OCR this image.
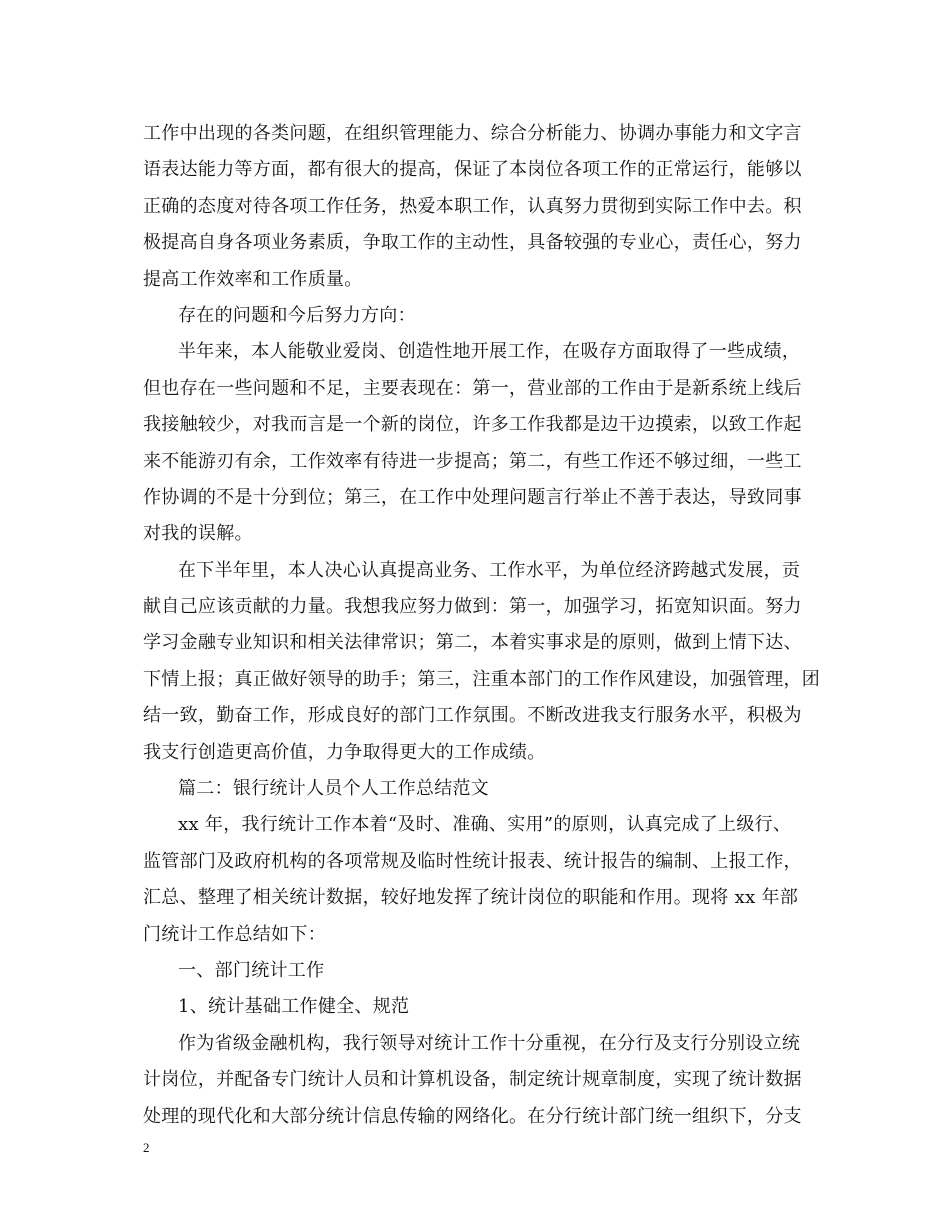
工作中出现的各类问题，在组织管理能力、综合分析能力、协调办事能力和文字言
语表达能力等方面，都有很大的提高，保证了本岗位各项工作的正常运行，能够以
正确的态度对待各项工作任务，热爱本职工作，认真努力贯彻到实际工作中去。积
极提高自身各项业务素质，争取工作的主动性，具备较强的专业心，责任心，努力
提高工作效率和工作质量。
存在的问题和今后努力方向：
半年来，本人能敬业爱岗、创造性地开展工作，在吸存方面取得了一些成绩，
但也存在一些问题和不足，主要表现在：第一，营业部的工作由于是新系统上线后
我接触较少，对我而言是一个新的岗位，许多工作我都是边干边摸索，以致工作起
来不能游刃有余，工作效率有待进一步提高；第二，有些工作还不够过细，一些工
作协调的不是十分到位；第三，在工作中处理问题言行举止不善于表达，导致同事
对我的误解。
在下半年里，本人决心认真提高业务、工作水平，为单位经济跨越式发展，贡
献自己应该贡献的力量。我想我应努力做到：第一，加强学习，拓宽知识面。努力
学习金融专业知识和相关法律常识；第二，本着实事求是的原则，做到上情下达、
下情上报；真正做好领导的助手；第三，注重本部门的工作作风建设，加强管理，团
结一致，勤奋工作，形成良好的部门工作氛围。不断改进我支行服务水平，积极为
我支行创造更高价值，力争取得更大的工作成绩。
篇二：银行统计人员个人工作总结范文
xx 年，我行统计工作本着“及时、准确、实用”的原则，认真完成了上级行、
监管部门及政府机构的各项常规及临时性统计报表、统计报告的编制、上报工作，
汇总、整理了相关统计数据，较好地发挥了统计岗位的职能和作用。现将 xx 年部
门统计工作总结如下：
一、部门统计工作
1、统计基础工作健全、规范
作为省级金融机构，我行领导对统计工作十分重视，在分行及支行分别设立统
计岗位，并配备专门统计人员和计算机设备，制定统计规章制度，实现了统计数据
处理的现代化和大部分统计信息传输的网络化。在分行统计部门统一组织下，分支
2
